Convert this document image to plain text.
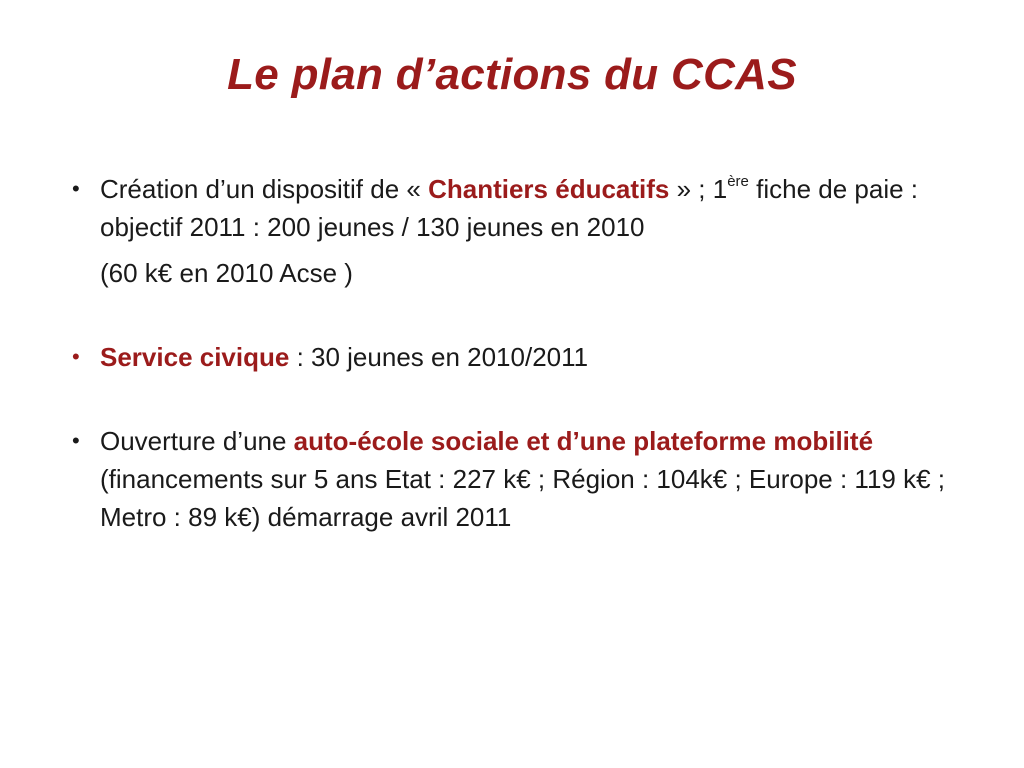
Le plan d’actions du CCAS
• Création d’un dispositif de « Chantiers éducatifs » ; 1ère fiche de paie : objectif 2011 : 200 jeunes / 130 jeunes en 2010
(60 k€ en 2010 Acse )
• Service civique : 30 jeunes en 2010/2011
• Ouverture d’une auto-école sociale et d’une plateforme mobilité (financements sur 5 ans Etat : 227 k€ ; Région : 104k€ ; Europe : 119 k€ ; Metro : 89 k€) démarrage avril 2011
